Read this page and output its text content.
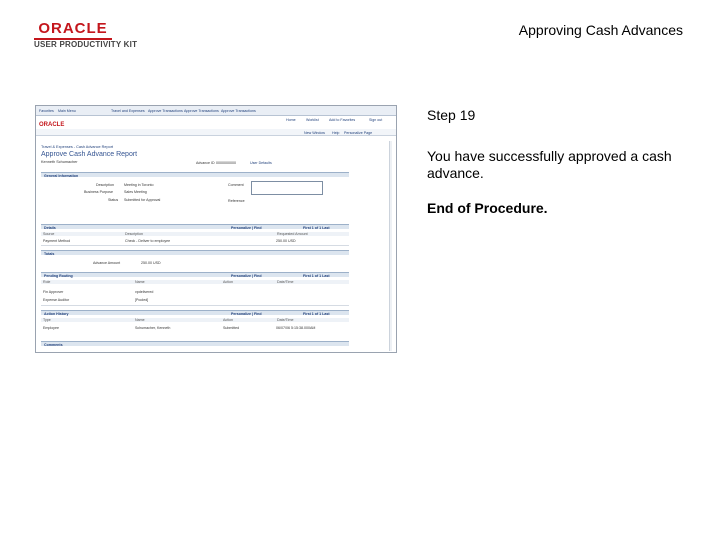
ORACLE
USER PRODUCTIVITY KIT
Approving Cash Advances
Favorites Main Menu	Travel and Expenses Approve Transactions Approve Transactions Approve Transactions
ORACLE
Home	Worklist	Add to Favorites	Sign out
New Window Help Personalize Page
Travel & Expenses - Cash Advance Report
Approve Cash Advance Report
Kenneth Schumacher	Advance ID 0000000000	User Defaults
General Information
Description	Meeting in Toronto
Business Purpose	Sales Meeting
Status Submitted for Approval
Comment
Reference
Details	Personalize | Find	First 1 of 1 Last
Source	Description	Requested Amount
Payment Method	Check - Deliver to employee	250.00 USD
Totals
Advance Amount	250.00 USD
Pending Routing	Personalize | Find	First 1 of 1 Last
Role	Name	Action	Date/Time
Fin Approver	vpdelivered
Expense Auditor	[Pooled]
Action History	Personalize | Find	First 1 of 1 Last
Type	Name	Action	Date/Time
Employee	Schumacher, Kenneth	Submitted	06/07/06 5:15:38.000AM
Comments
Step 19
You have successfully approved a cash advance.
End of Procedure.
